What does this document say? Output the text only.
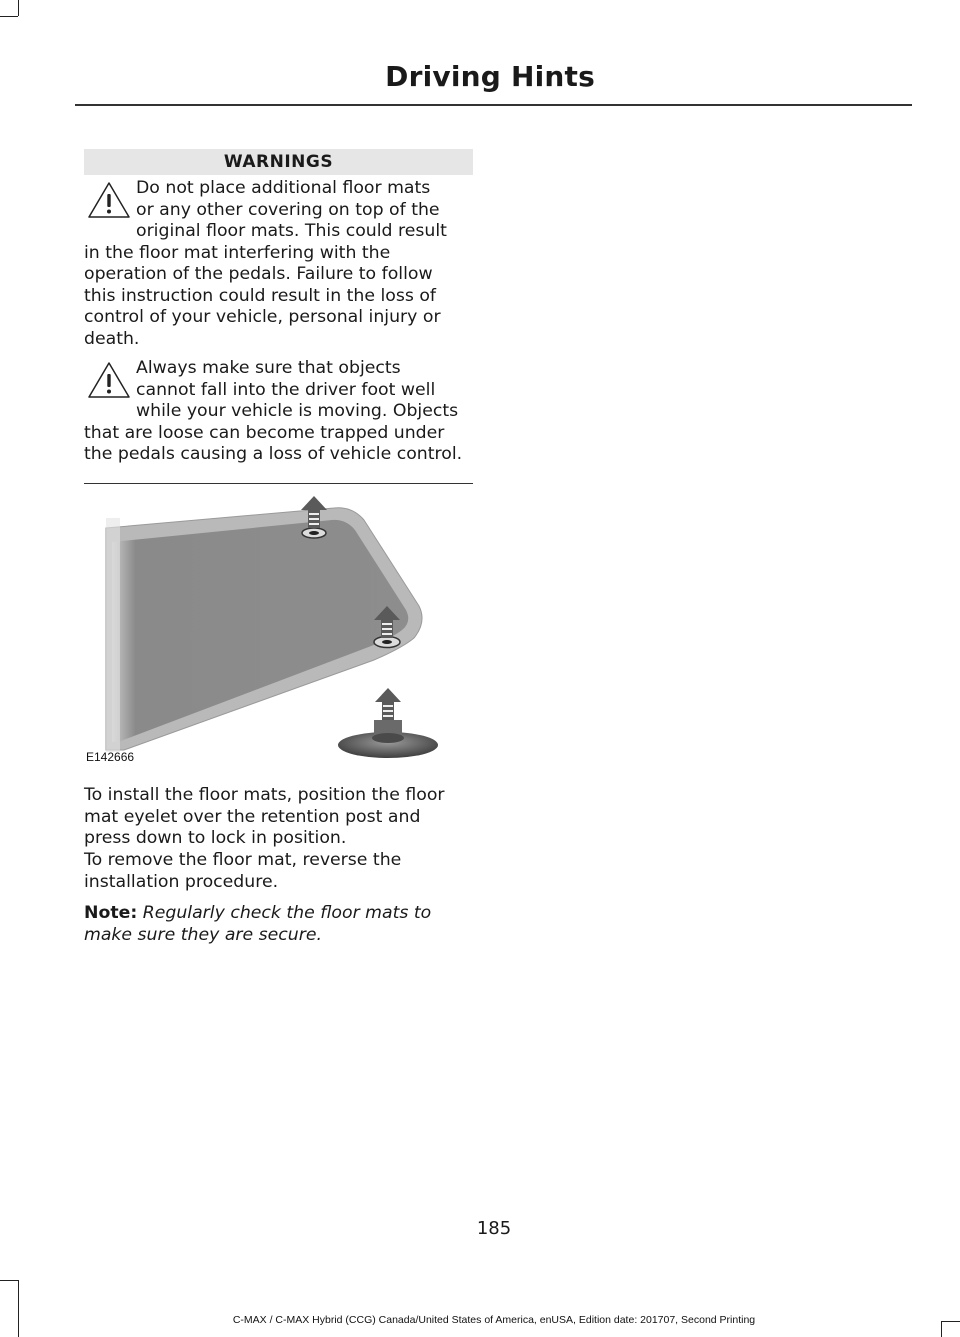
Driving Hints
WARNINGS
Do not place additional floor mats
or any other covering on top of the
original floor mats. This could result
in the floor mat interfering with the
operation of the pedals. Failure to follow
this instruction could result in the loss of
control of your vehicle, personal injury or
death.
Always make sure that objects
cannot fall into the driver foot well
while your vehicle is moving. Objects
that are loose can become trapped under
the pedals causing a loss of vehicle control.
E142666
To install the floor mats, position the floor
mat eyelet over the retention post and
press down to lock in position.
To remove the floor mat, reverse the
installation procedure.
Note: Regularly check the floor mats to
make sure they are secure.
185
C-MAX / C-MAX Hybrid (CCG) Canada/United States of America, enUSA, Edition date: 201707, Second Printing
